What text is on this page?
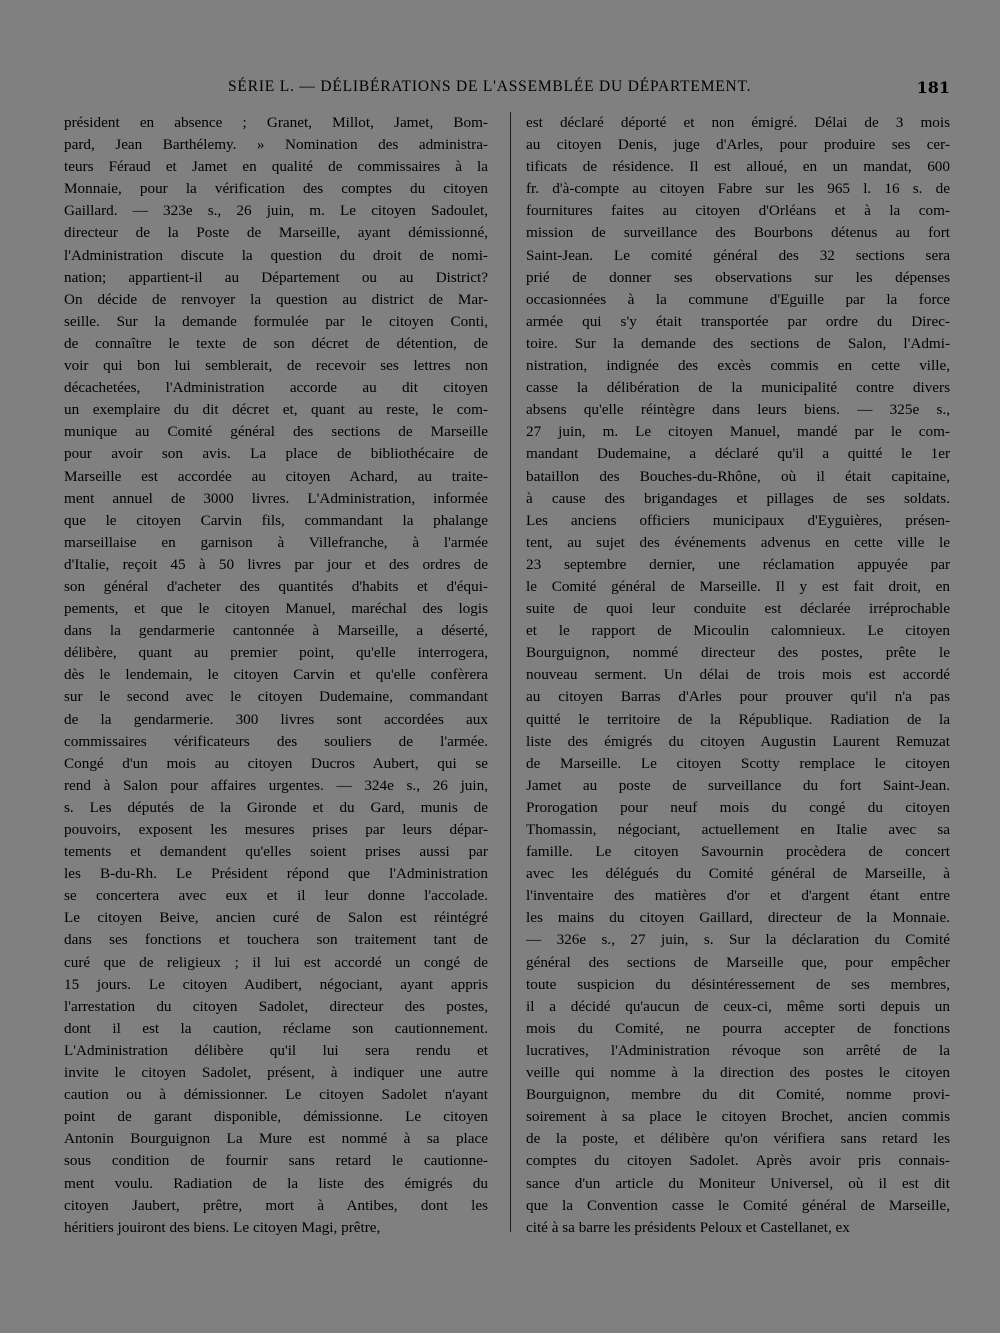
SÉRIE L. — DÉLIBÉRATIONS DE L'ASSEMBLÉE DU DÉPARTEMENT.	181
président en absence ; Granet, Millot, Jamet, Bom-
pard, Jean Barthélemy. » Nomination des administra-
teurs Féraud et Jamet en qualité de commissaires à la
Monnaie, pour la vérification des comptes du citoyen
Gaillard. — 323e s., 26 juin, m. Le citoyen Sadoulet,
directeur de la Poste de Marseille, ayant démissionné,
l'Administration discute la question du droit de nomi-
nation; appartient-il au Département ou au District?
On décide de renvoyer la question au district de Mar-
seille. Sur la demande formulée par le citoyen Conti,
de connaître le texte de son décret de détention, de
voir qui bon lui semblerait, de recevoir ses lettres non
décachetées, l'Administration accorde au dit citoyen
un exemplaire du dit décret et, quant au reste, le com-
munique au Comité général des sections de Marseille
pour avoir son avis. La place de bibliothécaire de
Marseille est accordée au citoyen Achard, au traite-
ment annuel de 3000 livres. L'Administration, informée
que le citoyen Carvin fils, commandant la phalange
marseillaise en garnison à Villefranche, à l'armée
d'Italie, reçoit 45 à 50 livres par jour et des ordres de
son général d'acheter des quantités d'habits et d'équi-
pements, et que le citoyen Manuel, maréchal des logis
dans la gendarmerie cantonnée à Marseille, a déserté,
délibère, quant au premier point, qu'elle interrogera,
dès le lendemain, le citoyen Carvin et qu'elle confèrera
sur le second avec le citoyen Dudemaine, commandant
de la gendarmerie. 300 livres sont accordées aux
commissaires vérificateurs des souliers de l'armée.
Congé d'un mois au citoyen Ducros Aubert, qui se
rend à Salon pour affaires urgentes. — 324e s., 26 juin,
s. Les députés de la Gironde et du Gard, munis de
pouvoirs, exposent les mesures prises par leurs dépar-
tements et demandent qu'elles soient prises aussi par
les B-du-Rh. Le Président répond que l'Administration
se concertera avec eux et il leur donne l'accolade.
Le citoyen Beive, ancien curé de Salon est réintégré
dans ses fonctions et touchera son traitement tant de
curé que de religieux ; il lui est accordé un congé de
15 jours. Le citoyen Audibert, négociant, ayant appris
l'arrestation du citoyen Sadolet, directeur des postes,
dont il est la caution, réclame son cautionnement.
L'Administration délibère qu'il lui sera rendu et
invite le citoyen Sadolet, présent, à indiquer une autre
caution ou à démissionner. Le citoyen Sadolet n'ayant
point de garant disponible, démissionne. Le citoyen
Antonin Bourguignon La Mure est nommé à sa place
sous condition de fournir sans retard le cautionne-
ment voulu. Radiation de la liste des émigrés du
citoyen Jaubert, prêtre, mort à Antibes, dont les
héritiers jouiront des biens. Le citoyen Magi, prêtre,
est déclaré déporté et non émigré. Délai de 3 mois
au citoyen Denis, juge d'Arles, pour produire ses cer-
tificats de résidence. Il est alloué, en un mandat, 600
fr. d'à-compte au citoyen Fabre sur les 965 l. 16 s. de
fournitures faites au citoyen d'Orléans et à la com-
mission de surveillance des Bourbons détenus au fort
Saint-Jean. Le comité général des 32 sections sera
prié de donner ses observations sur les dépenses
occasionnées à la commune d'Eguille par la force
armée qui s'y était transportée par ordre du Direc-
toire. Sur la demande des sections de Salon, l'Admi-
nistration, indignée des excès commis en cette ville,
casse la délibération de la municipalité contre divers
absens qu'elle réintègre dans leurs biens. — 325e s.,
27 juin, m. Le citoyen Manuel, mandé par le com-
mandant Dudemaine, a déclaré qu'il a quitté le 1er
bataillon des Bouches-du-Rhône, où il était capitaine,
à cause des brigandages et pillages de ses soldats.
Les anciens officiers municipaux d'Eyguières, présen-
tent, au sujet des événements advenus en cette ville le
23 septembre dernier, une réclamation appuyée par
le Comité général de Marseille. Il y est fait droit, en
suite de quoi leur conduite est déclarée irréprochable
et le rapport de Micoulin calomnieux. Le citoyen
Bourguignon, nommé directeur des postes, prête le
nouveau serment. Un délai de trois mois est accordé
au citoyen Barras d'Arles pour prouver qu'il n'a pas
quitté le territoire de la République. Radiation de la
liste des émigrés du citoyen Augustin Laurent Remuzat
de Marseille. Le citoyen Scotty remplace le citoyen
Jamet au poste de surveillance du fort Saint-Jean.
Prorogation pour neuf mois du congé du citoyen
Thomassin, négociant, actuellement en Italie avec sa
famille. Le citoyen Savournin procèdera de concert
avec les délégués du Comité général de Marseille, à
l'inventaire des matières d'or et d'argent étant entre
les mains du citoyen Gaillard, directeur de la Monnaie.
— 326e s., 27 juin, s. Sur la déclaration du Comité
général des sections de Marseille que, pour empêcher
toute suspicion du désintéressement de ses membres,
il a décidé qu'aucun de ceux-ci, même sorti depuis un
mois du Comité, ne pourra accepter de fonctions
lucratives, l'Administration révoque son arrêté de la
veille qui nomme à la direction des postes le citoyen
Bourguignon, membre du dit Comité, nomme provi-
soirement à sa place le citoyen Brochet, ancien commis
de la poste, et délibère qu'on vérifiera sans retard les
comptes du citoyen Sadolet. Après avoir pris connais-
sance d'un article du Moniteur Universel, où il est dit
que la Convention casse le Comité général de Marseille,
cité à sa barre les présidents Peloux et Castellanet, ex
